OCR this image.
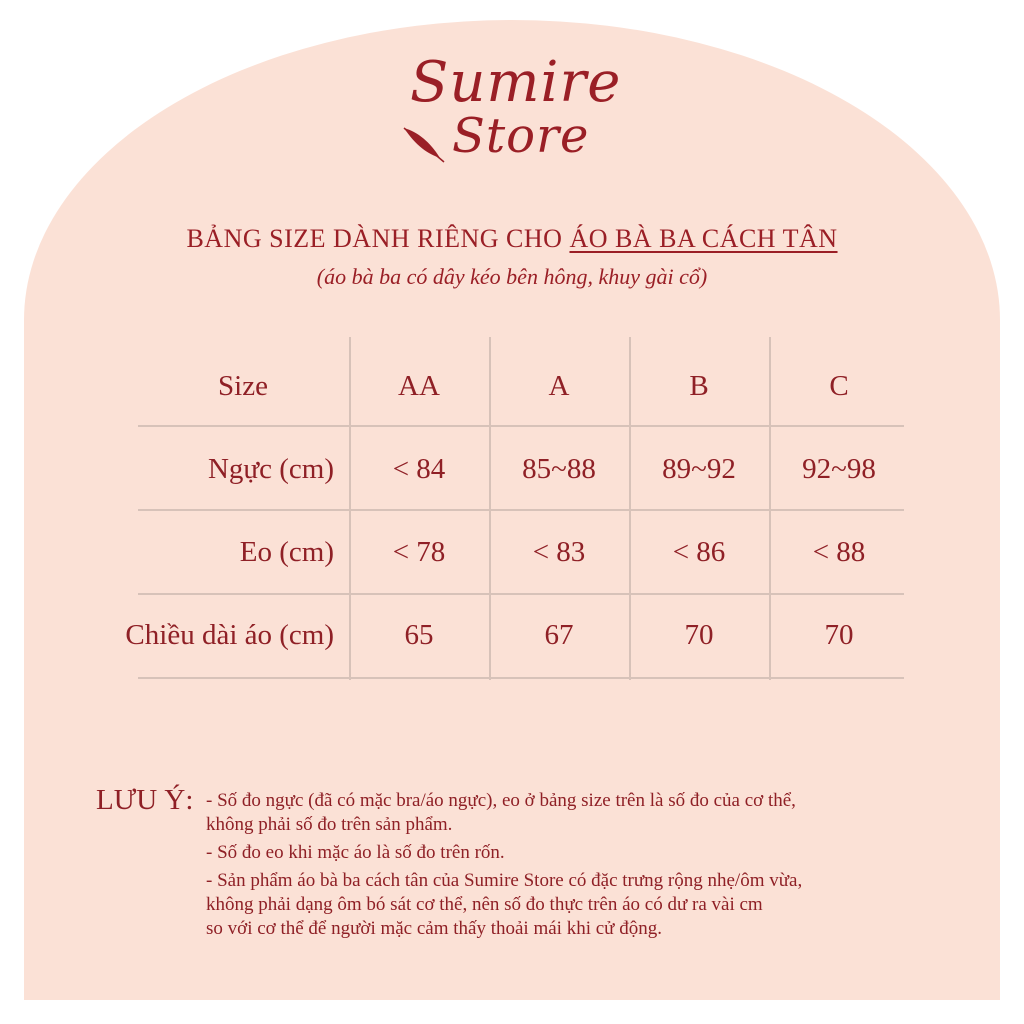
Sumire
Store
BẢNG SIZE DÀNH RIÊNG CHO ÁO BÀ BA CÁCH TÂN
(áo bà ba có dây kéo bên hông, khuy gài cổ)
Size	AA	A	B	C
Ngực (cm)	< 84	85~88	89~92	92~98
Eo (cm)	< 78	< 83	< 86	< 88
Chiều dài áo (cm)	65	67	70	70
LƯU Ý: - Số đo ngực (đã có mặc bra/áo ngực), eo ở bảng size trên là số đo của cơ thể,
không phải số đo trên sản phẩm.
- Số đo eo khi mặc áo là số đo trên rốn.
- Sản phẩm áo bà ba cách tân của Sumire Store có đặc trưng rộng nhẹ/ôm vừa,
không phải dạng ôm bó sát cơ thể, nên số đo thực trên áo có dư ra vài cm
so với cơ thể để người mặc cảm thấy thoải mái khi cử động.
